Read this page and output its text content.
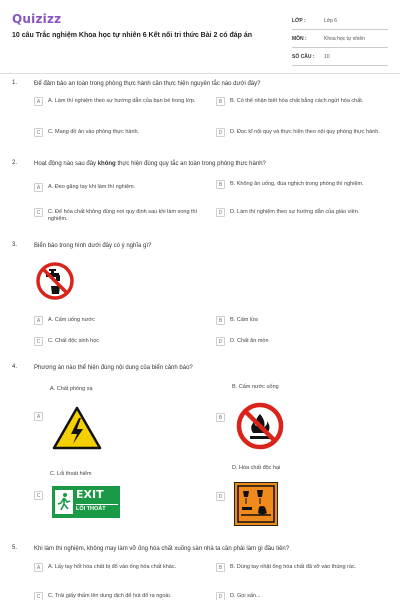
Quizizz
10 câu Trắc nghiệm Khoa học tự nhiên 6 Kết nối tri thức Bài 2 có đáp án
LỚP :	Lớp 6
MÔN :	Khoa học tự nhiên
SỐ CÂU :	10
1.	Để đảm bảo an toàn trong phòng thực hành cần thực hiện nguyên tắc nào dưới đây?
A	A. Làm thí nghiệm theo sự hướng dẫn của bạn bè trong lớp.	B	B. Có thể nhận biết hóa chất bằng cách ngửi hóa chất.
C	C. Mang đồ ăn vào phòng thực hành.	D	D. Đọc kĩ nội quy và thực hiện theo nội quy phòng thực hành.
2.	Hoạt động nào sau đây không thực hiện đúng quy tắc an toàn trong phòng thực hành?
A	A. Đeo găng tay khi làm thí nghiệm.	B	B. Không ăn uống, đùa nghịch trong phòng thí nghiệm.
C	C. Để hóa chất không đúng nơi quy định sau khi làm xong thí nghiệm.
D	D. Làm thí nghiệm theo sự hướng dẫn của giáo viên.
3.	Biển báo trong hình dưới đây có ý nghĩa gì?
A	A. Cấm uống nước	B	B. Cấm lửa
C	C. Chất độc sinh học	D	D. Chất ăn mòn
4.	Phương án nào thể hiện đúng nội dung của biển cảnh báo?
A. Chất phóng xạ	B. Cấm nước uống
A	B
C. Lối thoát hiểm
D. Hóa chất độc hại
C	EXIT
LỐI THOÁT
D
5.	Khi làm thí nghiệm, không may làm vỡ ống hóa chất xuống sàn nhà ta cần phải làm gì đầu tiên?
A	A. Lấy tay hốt hóa chất bị đổ vào ống hóa chất khác.	B	B. Dùng tay nhặt ống hóa chất đã vỡ vào thùng rác.
C	C. Trải giấy thấm lên dung dịch để hút đổ ra ngoài.	D	D. Gọi sấn...
